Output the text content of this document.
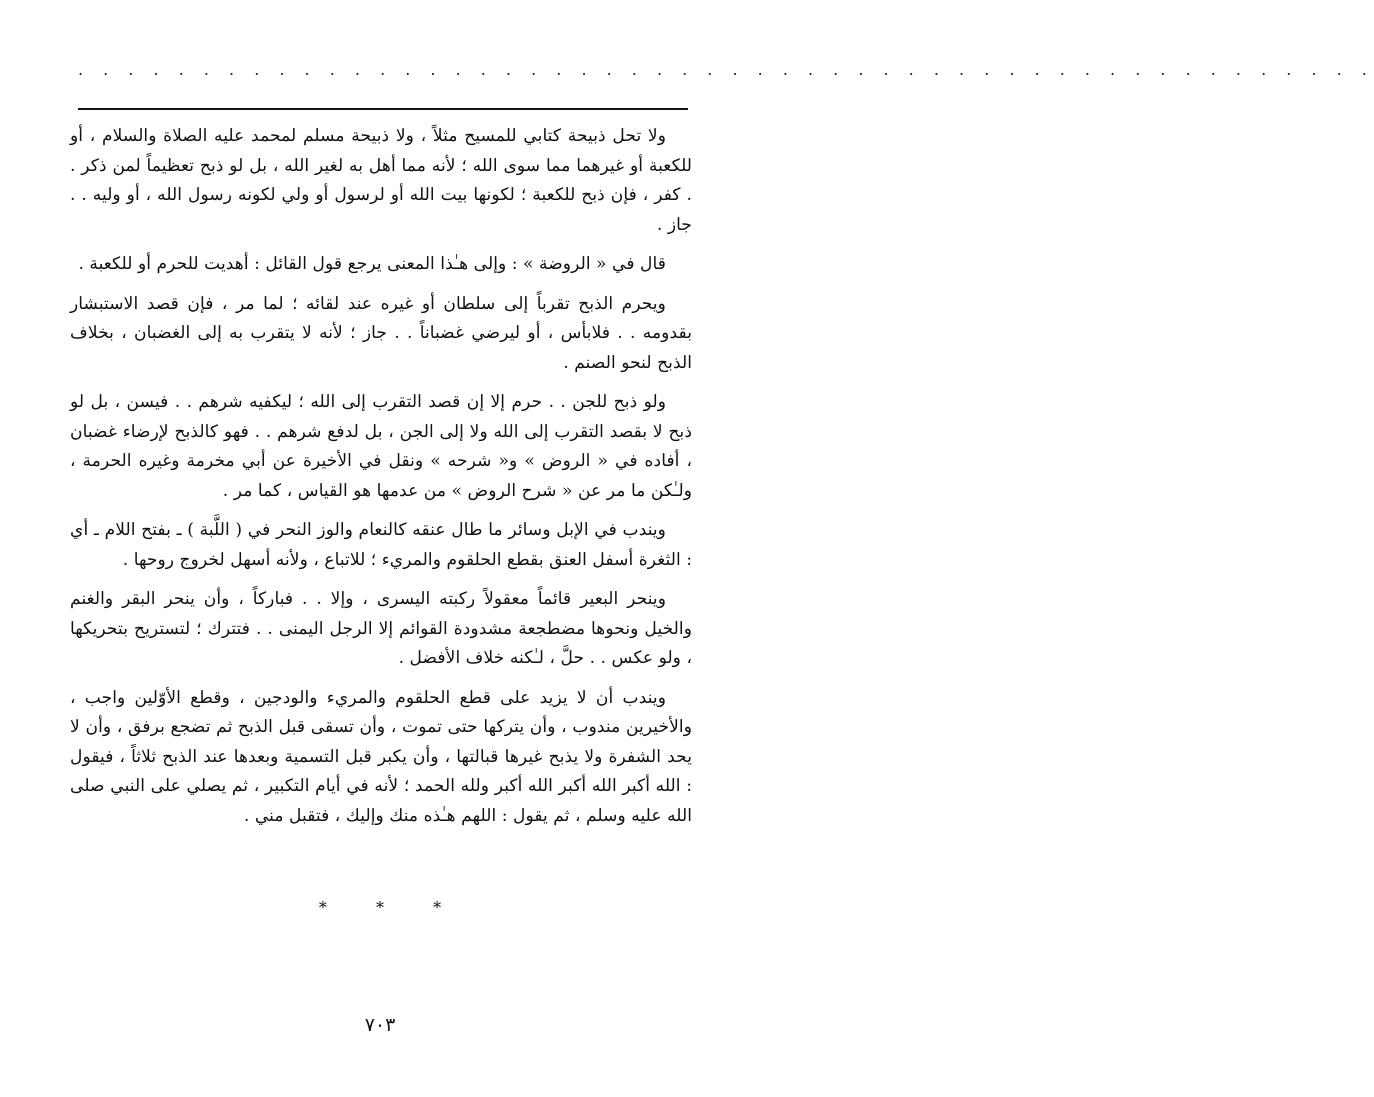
. . . . . . . . . . . . . . . . . . . . . . . . . . . . . . . . . . . . . . . . . . . . . . . . . . . .

ولا تحل ذبيحة كتابي للمسيح مثلاً ، ولا ذبيحة مسلم لمحمد عليه الصلاة والسلام ، أو للكعبة أو غيرهما مما سوى الله ؛ لأنه مما أهل به لغير الله ، بل لو ذبح تعظيماً لمن ذكر . . كفر ، فإن ذبح للكعبة ؛ لكونها بيت الله أو لرسول أو ولي لكونه رسول الله ، أو وليه . . جاز .

قال في « الروضة » : وإلى هـٰذا المعنى يرجع قول القائل : أهديت للحرم أو للكعبة .

ويحرم الذبح تقرباً إلى سلطان أو غيره عند لقائه ؛ لما مر ، فإن قصد الاستبشار بقدومه . . فلابأس ، أو ليرضي غضباناً . . جاز ؛ لأنه لا يتقرب به إلى الغضبان ، بخلاف الذبح لنحو الصنم .

ولو ذبح للجن . . حرم إلا إن قصد التقرب إلى الله ؛ ليكفيه شرهم . . فيسن ، بل لو ذبح لا بقصد التقرب إلى الله ولا إلى الجن ، بل لدفع شرهم . . فهو كالذبح لإرضاء غضبان ، أفاده في « الروض » و« شرحه » ونقل في الأخيرة عن أبي مخرمة وغيره الحرمة ، ولـٰكن ما مر عن « شرح الروض » من عدمها هو القياس ، كما مر .

ويندب في الإبل وسائر ما طال عنقه كالنعام والوز النحر في ( اللَّبة ) ـ بفتح اللام ـ أي : الثغرة أسفل العنق بقطع الحلقوم والمريء ؛ للاتباع ، ولأنه أسهل لخروج روحها .

وينحر البعير قائماً معقولاً ركبته اليسرى ، وإلا . . فباركاً ، وأن ينحر البقر والغنم والخيل ونحوها مضطجعة مشدودة القوائم إلا الرجل اليمنى . . فتترك ؛ لتستريح بتحريكها ، ولو عكس . . حلَّ ، لـٰكنه خلاف الأفضل .

ويندب أن لا يزيد على قطع الحلقوم والمريء والودجين ، وقطع الأوّلين واجب ، والأخيرين مندوب ، وأن يتركها حتى تموت ، وأن تسقى قبل الذبح ثم تضجع برفق ، وأن لا يحد الشفرة ولا يذبح غيرها قبالتها ، وأن يكبر قبل التسمية وبعدها عند الذبح ثلاثاً ، فيقول : الله أكبر الله أكبر الله أكبر ولله الحمد ؛ لأنه في أيام التكبير ، ثم يصلي على النبي صلى الله عليه وسلم ، ثم يقول : اللهم هـٰذه منك وإليك ، فتقبل مني .

* * *
٧٠٣
